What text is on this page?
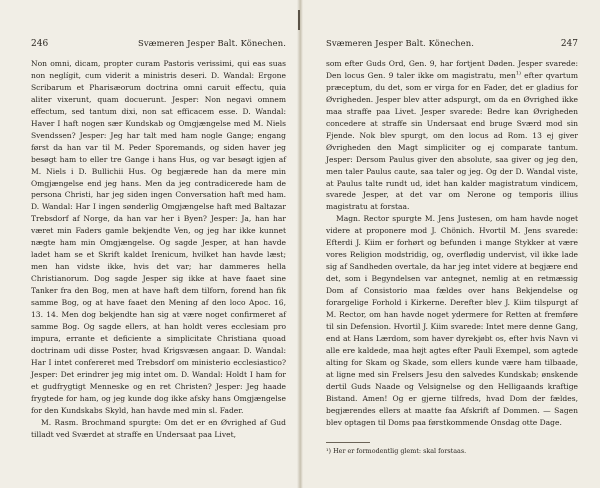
246	Svæmeren Jesper Balt. Könechen.

Non omni, dicam, propter curam Pastoris verissimi, qui eas suas non neglígit, cum viderit a ministris deseri. D. Wandal: Ergone Scribarum et Pharisæorum doctrina omni caruit effectu, quia aliter vixerunt, quam docuerunt. Jesper: Non negavi omnem effectum, sed tantum dixi, non sat efficacem esse. D. Wandal: Haver I haft nogen sær Kundskab og Omgjængelse med M. Niels Svendssen? Jesper: Jeg har talt med ham nogle Gange; engang først da han var til M. Peder Sporemands, og siden haver jeg besøgt ham to eller tre Gange i hans Hus, og var besøgt igjen af M. Niels i D. Bullichii Hus. Og begjærede han da mere min Omgjængelse end jeg hans. Men da jeg contradicerede ham de persona Christi, har jeg siden ingen Conversation haft med ham. D. Wandal: Har I ingen sønderlig Omgjængelse haft med Baltazar Trebsdorf af Norge, da han var her i Byen? Jesper: Ja, han har været min Faders gamle bekjendte Ven, og jeg har ikke kunnet nægte ham min Omgjængelse. Og sagde Jesper, at han havde ladet ham se et Skrift kaldet Irenicum, hvilket han havde læst; men han vidste ikke, hvis det var; har dammeres hella Christianorum. Dog sagde Jesper sig ikke at have faaet sine Tanker fra den Bog, men at have haft dem tilforn, forend han fik samme Bog, og at have faaet den Mening af den loco Apoc. 16, 13. 14. Men dog bekjendte han sig at være noget confirmeret af samme Bog. Og sagde ellers, at han holdt veres ecclesiam pro impura, errante et deficiente a simplicitate Christiana quoad doctrinam udi disse Poster, hvad Krigsvæsen angaar. D. Wandal: Har I intet confereret med Trebsdorf om ministerio ecclesiastico? Jesper: Det erindrer jeg mig intet om. D. Wandal: Holdt I ham for et gudfrygtigt Menneske og en ret Christen? Jesper: Jeg haade frygtede for ham, og jeg kunde dog ikke afsky hans Omgjængelse for den Kundskabs Skyld, han havde med min sl. Fader.

M. Rasm. Brochmand spurgte: Om det er en Øvrighed af Gud tilladt ved Sværdet at straffe en Undersaat paa Livet,

Svæmeren Jesper Balt. Könechen.	247

som efter Guds Ord, Gen. 9, har fortjent Døden. Jesper svarede: Den locus Gen. 9 taler ikke om magistratu, men$^{1)}$ efter qvartum præceptum, du det, som er virga for en Fader, det er gladius for Øvrigheden. Jesper blev atter adspurgt, om da en Øvrighed ikke maa straffe paa Livet. Jesper svarede: Bedre kan Øvrigheden concedere at straffe sin Undersaat end bruge Sværd mod sin Fjende. Nok blev spurgt, om den locus ad Rom. 13 ej giver Øvrigheden den Magt simpliciter og ej comparate tantum. Jesper: Dersom Paulus giver den absolute, saa giver og jeg den, men taler Paulus caute, saa taler og jeg. Og der D. Wandal viste, at Paulus talte rundt ud, idet han kalder magistratum vindicem, svarede Jesper, at det var om Nerone og temporis illius magistratu at forstaa.

Magn. Rector spurgte M. Jens Justesen, om ham havde noget videre at proponere mod J. Chönich. Hvortil M. Jens svarede: Efterdi J. Kiim er forhørt og befunden i mange Stykker at være vores Religion modstridig, og, overflødig undervist, vil ikke lade sig af Sandheden overtale, da har jeg intet videre at begjære end det, som i Begyndelsen var antegnet, nemlig at en retmæssig Dom af Consistorio maa fældes over hans Bekjendelse og forargelige Forhold i Kirkerne. Derefter blev J. Kiim tilspurgt af M. Rector, om han havde noget ydermere for Retten at fremføre til sin Defension. Hvortil J. Kiim svarede: Intet mere denne Gang, end at Hans Lærdom, som haver dyrekjøbt os, efter hvis Navn vi alle ere kaldede, maa højt agtes efter Pauli Exempel, som agtede alting for Skam og Skade, som ellers kunde være ham tilbaade, at ligne med sin Frelsers Jesu den salvedes Kundskab; ønskende dertil Guds Naade og Velsignelse og den Helligaands kraftige Bistand. Amen! Og er gjerne tilfreds, hvad Dom der fældes, begjærendes ellers at maatte faa Afskrift af Dommen. — Sagen blev optagen til Doms paa førstkommende Onsdag otte Dage.

¹) Her er formodentlig glemt: skal forstaas.
